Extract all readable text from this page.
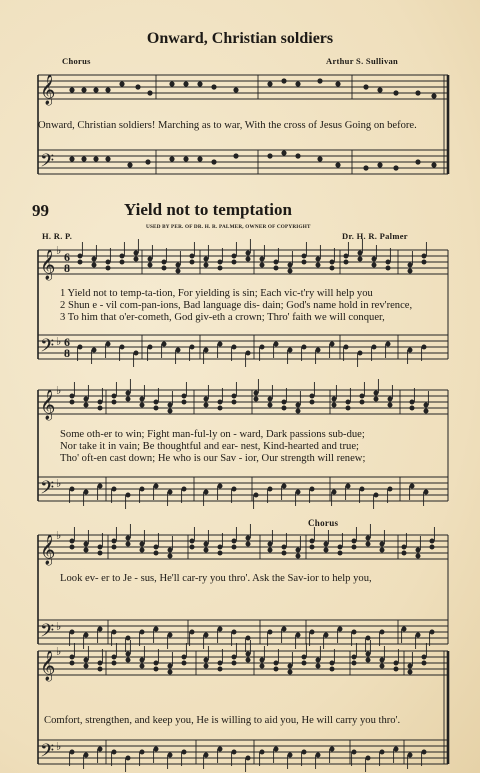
Onward, Christian soldiers
Chorus	Arthur S. Sullivan
𝄞
𝄢
Onward, Christian soldiers! Marching as to war, With the cross of Jesus Going on before.
99	Yield not to temptation
USED BY PER. OF DR. H. R. PALMER, OWNER OF COPYRIGHT
H. R. P.	Dr. H. R. Palmer
𝄞
𝄢
♭
♭
6
8
6
8
𝄞
𝄢
♭
♭
𝄞
𝄢
♭
♭
𝄞
𝄢
♭
♭
1 Yield not to temp-ta-tion, For yielding is sin; Each vic-t'ry will help you
2 Shun e - vil com-pan-ions, Bad language dis- dain; God's name hold in rev'rence,
3 To him that o'er-cometh, God giv-eth a crown; Thro' faith we will conquer,
Some oth-er to win; Fight man-ful-ly on - ward, Dark passions sub-due;
Nor take it in vain; Be thoughtful and ear- nest, Kind-hearted and true;
Tho' oft-en cast down; He who is our Sav - ior, Our strength will renew;
Chorus
Look ev- er to Je - sus, He'll car-ry you thro'. Ask the Sav-ior to help you,
Comfort, strengthen, and keep you, He is willing to aid you, He will carry you thro'.
